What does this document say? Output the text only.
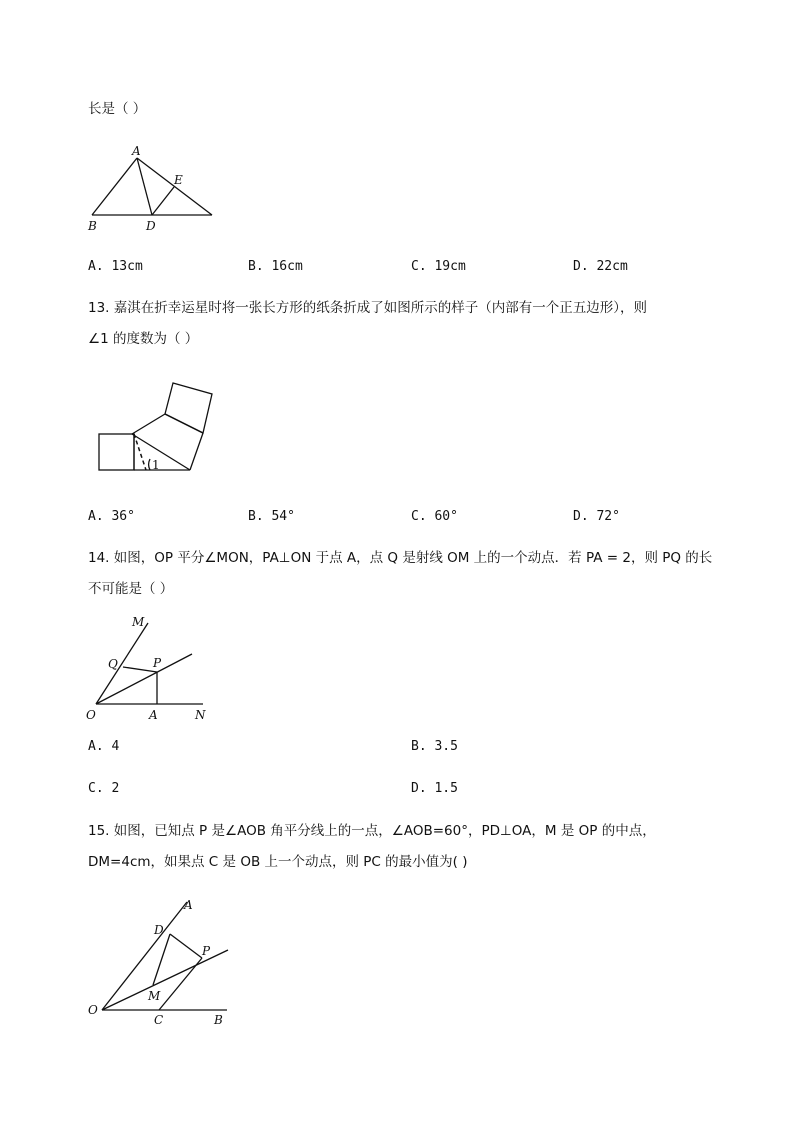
长是（ ）
A
B	D
E
A. 13cm	B. 16cm	C. 19cm	D. 22cm
13. 嘉淇在折幸运星时将一张长方形的纸条折成了如图所示的样子（内部有一个正五边形），则
∠1 的度数为（ ）
1
A. 36°	B. 54°	C. 60°	D. 72°
14. 如图，OP 平分∠MON，PA⊥ON 于点 A，点 Q 是射线 OM 上的一个动点．若 PA = 2，则 PQ 的长
不可能是（ ）
M
Q	P
O	A	N
A. 4	B. 3.5
C. 2	D. 1.5
15. 如图，已知点 P 是∠AOB 角平分线上的一点，∠AOB=60°，PD⊥OA，M 是 OP 的中点，
DM=4cm，如果点 C 是 OB 上一个动点，则 PC 的最小值为( )
A
D
P
M
O
C	B
